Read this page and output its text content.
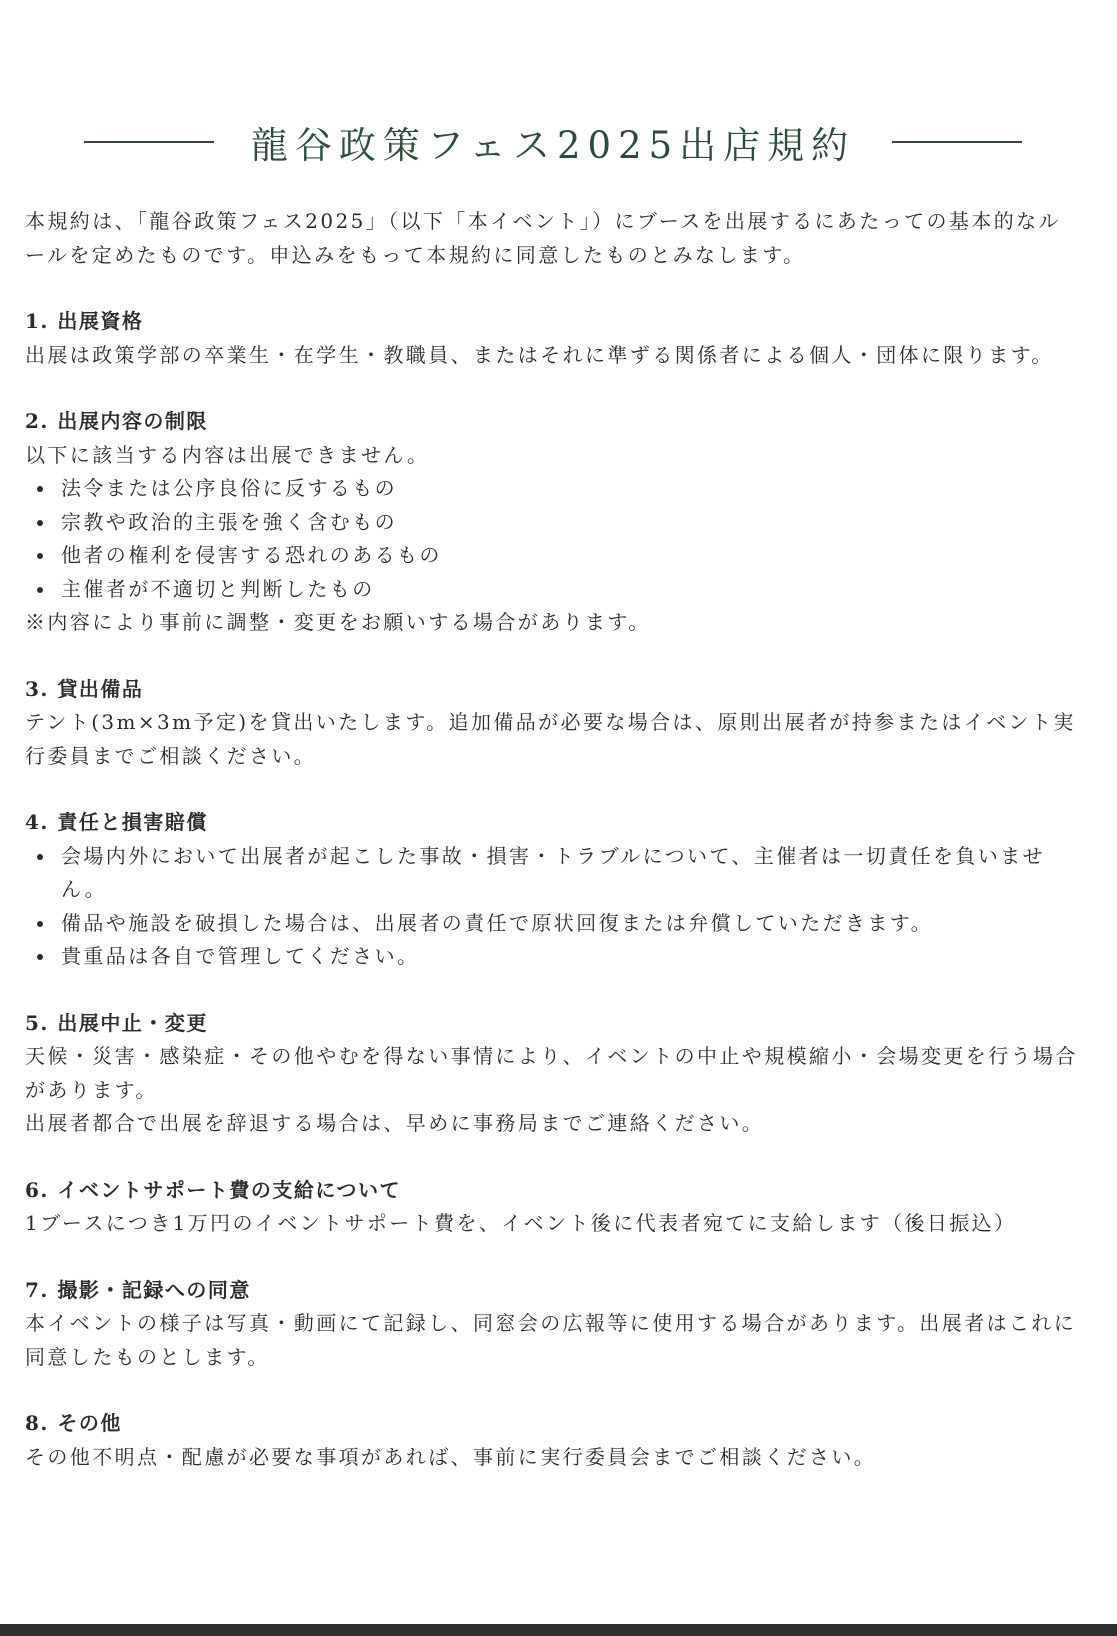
龍谷政策フェス2025出店規約

本規約は、「龍谷政策フェス2025」（以下「本イベント」）にブースを出展するにあたっての基本的なルールを定めたものです。申込みをもって本規約に同意したものとみなします。

1. 出展資格

出展は政策学部の卒業生・在学生・教職員、またはそれに準ずる関係者による個人・団体に限ります。

2. 出展内容の制限

以下に該当する内容は出展できません。

法令または公序良俗に反するもの
宗教や政治的主張を強く含むもの
他者の権利を侵害する恐れのあるもの
主催者が不適切と判断したもの

※内容により事前に調整・変更をお願いする場合があります。

3. 貸出備品

テント(3m×3m予定)を貸出いたします。追加備品が必要な場合は、原則出展者が持参またはイベント実行委員までご相談ください。

4. 責任と損害賠償

会場内外において出展者が起こした事故・損害・トラブルについて、主催者は一切責任を負いません。
備品や施設を破損した場合は、出展者の責任で原状回復または弁償していただきます。
貴重品は各自で管理してください。

5. 出展中止・変更

天候・災害・感染症・その他やむを得ない事情により、イベントの中止や規模縮小・会場変更を行う場合があります。

出展者都合で出展を辞退する場合は、早めに事務局までご連絡ください。

6. イベントサポート費の支給について

1ブースにつき1万円のイベントサポート費を、イベント後に代表者宛てに支給します（後日振込）

7. 撮影・記録への同意

本イベントの様子は写真・動画にて記録し、同窓会の広報等に使用する場合があります。出展者はこれに同意したものとします。

8. その他

その他不明点・配慮が必要な事項があれば、事前に実行委員会までご相談ください。
